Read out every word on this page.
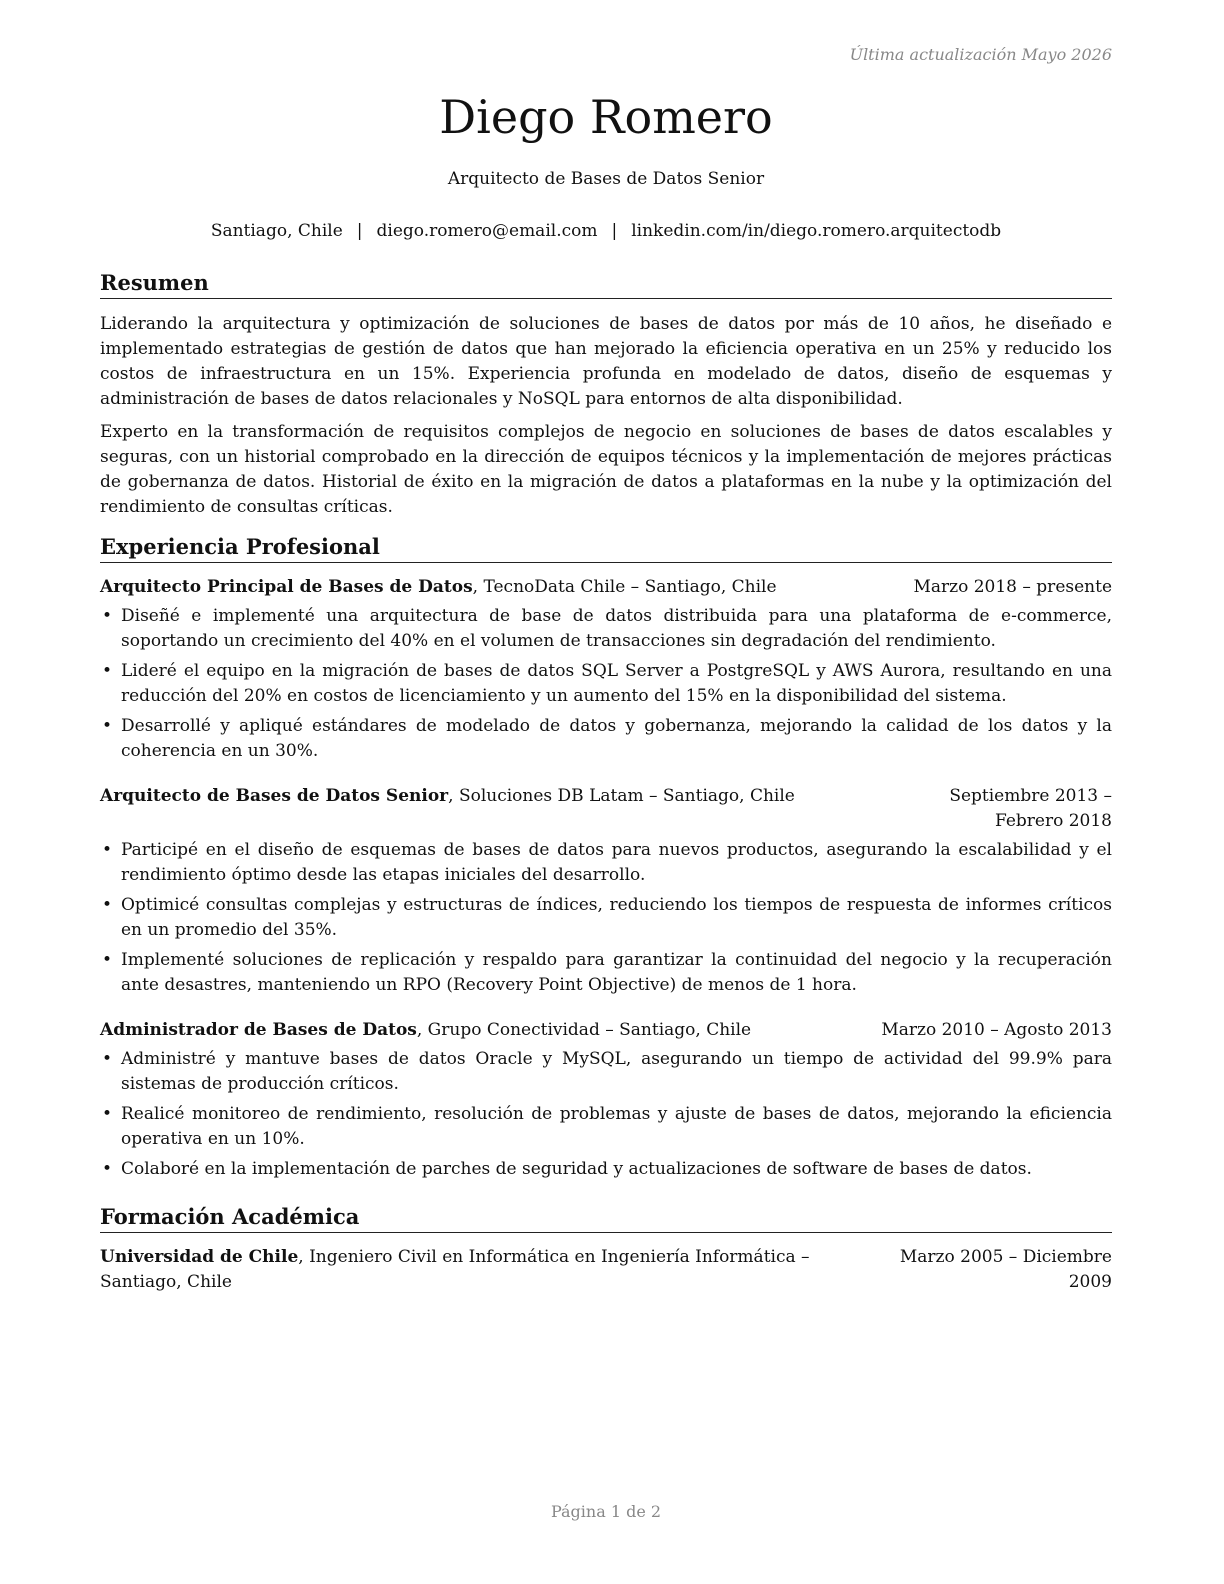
Última actualización Mayo 2026
Diego Romero
Arquitecto de Bases de Datos Senior
Santiago, Chile | diego.romero@email.com | linkedin.com/in/diego.romero.arquitectodb
Resumen

Liderando la arquitectura y optimización de soluciones de bases de datos por más de 10 años, he diseñado e implementado estrategias de gestión de datos que han mejorado la eficiencia operativa en un 25% y reducido los costos de infraestructura en un 15%. Experiencia profunda en modelado de datos, diseño de esquemas y administración de bases de datos relacionales y NoSQL para entornos de alta disponibilidad.

Experto en la transformación de requisitos complejos de negocio en soluciones de bases de datos escalables y seguras, con un historial comprobado en la dirección de equipos técnicos y la implementación de mejores prácticas de gobernanza de datos. Historial de éxito en la migración de datos a plataformas en la nube y la optimización del rendimiento de consultas críticas.

Experiencia Profesional
Arquitecto Principal de Bases de Datos, TecnoData Chile – Santiago, Chile	Marzo 2018 – presente
• Diseñé e implementé una arquitectura de base de datos distribuida para una plataforma de e-commerce, soportando un crecimiento del 40% en el volumen de transacciones sin degradación del rendimiento.
• Lideré el equipo en la migración de bases de datos SQL Server a PostgreSQL y AWS Aurora, resultando en una reducción del 20% en costos de licenciamiento y un aumento del 15% en la disponibilidad del sistema.
• Desarrollé y apliqué estándares de modelado de datos y gobernanza, mejorando la calidad de los datos y la coherencia en un 30%.
Arquitecto de Bases de Datos Senior, Soluciones DB Latam – Santiago, Chile	Septiembre 2013 – Febrero 2018
• Participé en el diseño de esquemas de bases de datos para nuevos productos, asegurando la escalabilidad y el rendimiento óptimo desde las etapas iniciales del desarrollo.
• Optimicé consultas complejas y estructuras de índices, reduciendo los tiempos de respuesta de informes críticos en un promedio del 35%.
• Implementé soluciones de replicación y respaldo para garantizar la continuidad del negocio y la recuperación ante desastres, manteniendo un RPO (Recovery Point Objective) de menos de 1 hora.
Administrador de Bases de Datos, Grupo Conectividad – Santiago, Chile	Marzo 2010 – Agosto 2013
• Administré y mantuve bases de datos Oracle y MySQL, asegurando un tiempo de actividad del 99.9% para sistemas de producción críticos.
• Realicé monitoreo de rendimiento, resolución de problemas y ajuste de bases de datos, mejorando la eficiencia operativa en un 10%.
• Colaboré en la implementación de parches de seguridad y actualizaciones de software de bases de datos.
Formación Académica
Universidad de Chile, Ingeniero Civil en Informática en Ingeniería Informática – Santiago, Chile
Marzo 2005 – Diciembre 2009
Página 1 de 2
